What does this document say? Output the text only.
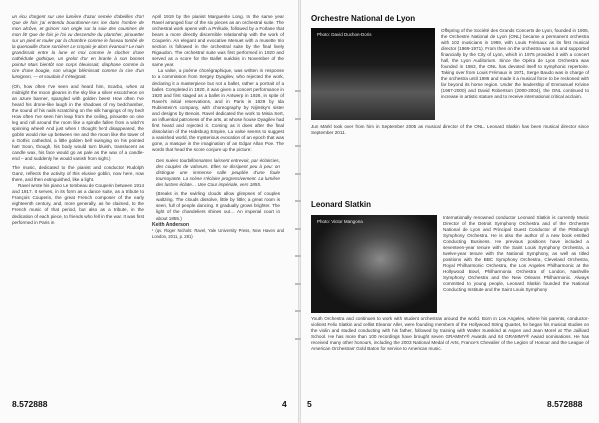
un écu d'argent sur une lumière d'azur semée d'abeilles d'or! Que de fois j'ai entendu bourdonner-ses ine dans l'ombre de mon alcôve, et grincer son ongle sur la soie des courtines de mon lit! Que de fois je l'ai vu descendre du plancher, pirouetter sur un pied et rouler par la chambre comme le fuseau tombé de la quenouille d'une sorcière! Le croyais-je alors évanoui? Le nain grandissait entre la lune et moi comme le clocher d'une cathédrale gothique, un grelot d'or en branle à son bonnet pointu! Mais bientôt son corps bleuissait, diaphane comme la cire d'une bougie, son visage blémissait comme la cire d'un lumignon, — et soudain il s'éteignait.

(Oh, how often I've seen and heard him, Scarbo, when at midnight the moon gleams in the sky like a silver escutcheon on an azure banner, spangled with golden bees! How often I've heard his drone-like laugh in the shadows of my bedchamber, the sound of his nails scratching on the silk hangings of my bed! How often I've seen him leap from the ceiling, pirouette on one leg and roll around the room like a spindle fallen from a witch's spinning wheel! And just when I thought he'd disappeared, the goblin would rise up between me and the moon like the tower of a Gothic cathedral, a little golden bell swinging on his pointed hat! Soon, though, his body would turn bluish, translucent as candle wax, his face would go as pale as the wax of a candle-end – and suddenly he would vanish from sight.)

The music, dedicated to the pianist and conductor Rudolph Ganz, reflects the activity of this elusive goblin, now here, now there, and then extinguished, like a light.

Ravel wrote his piano Le tombeau de Couperin between 1914 and 1917. It serves, in its form as a dance suite, as a tribute to François Couperin, the great French composer of the early eighteenth century, and, more generally, as he claimed, to the French music of that period, but also as a tribute, in the dedication of each piece, to friends who fell in the war. It was first performed in Paris in

April 1919 by the pianist Marguerite Long. In the same year Ravel arranged four of the six pieces as an orchestral suite. The orchestral work opens with a Prélude, followed by a Forlane that bears a more directly discernible relationship with the work of Couperin. An elegant and evocative Menuet with a musette trio section is followed in the orchestral suite by the final lively Rigaudon. The orchestral suite was first performed in 1920 and served as a score for the Ballet suédois in November of the same year.

La valse, a poème chorégraphique, was written in response to a commission from Sergey Dyagilev, who rejected the work, declaring it a masterpiece but not a ballet, rather a portrait of a ballet. Completed in 1920, it was given a concert performance in 1920 and first staged as a ballet in Antwerp in 1926, in spite of Ravel's initial reservations, and in Paris in 1929 by Ida Rubinstein's company, with choreography by Nijinsky's sister and designs by Benois. Ravel dedicated the work to Misia Sert, an influential patroness of the arts, at whose house Dyagilev had first heard and rejected it. Coming as it does after the final dissolution of the Habsburg Empire, La valse seems to suggest a vanished world, the mysterious evocation of an epoch that was gone, a masque in the imagination of an Edgar Allan Poe. The words that head the score conjure up the picture:

Des nuées tourbillonnantes laissent entrevoir, par éclaircies, des couples de valseurs. Elles se dissipent peu à peu: on distingue une immense salle peuplée d'une foule tournoyante. La scène s'éclaire progressivement. La lumière des lustres éclate… Une Cour impériale, vers 1855.

(Breaks in the swirling clouds allow glimpses of couples waltzing. The clouds dissolve, little by little; a great room is seen, full of people dancing. It gradually grows brighter. The light of the chandeliers shines out… An imperial court in about 1855.)

Keith Anderson

¹ (qv. Roger Nichols: Ravel, Yale University Press, New Haven and London, 2011, p. 281)

8.572888	4
Orchestre National de Lyon
Photo: David Duchon-Doris
Offspring of the Société des Grands Concerts de Lyon, founded in 1905, the Orchestre National de Lyon (ONL) became a permanent orchestra with 102 musicians in 1969, with Louis Frémaux as its first musical director (1969-1971). From then on the orchestra was run and supported financially by the City of Lyon, which in 1975 provided it with a concert hall, the Lyon Auditorium. Since the Opéra de Lyon Orchestra was founded in 1983, the ONL has devoted itself to symphonic repertoire. Taking over from Louis Frémaux in 1971, Serge Baudo was in charge of the orchestra until 1986 and made it a musical force to be reckoned with far beyond its home region. Under the leadership of Emmanuel Krivine (1987-2000) and David Robertson (2000-2004), the ONL continued to increase in artistic stature and to receive international critical acclaim.
Jun Märkl took over from him in September 2005 as musical director of the ONL. Leonard Slatkin has been musical director since September 2011.
Leonard Slatkin
Photo: Victor Mangona
Internationally renowned conductor Leonard Slatkin is currently Music Director of the Detroit Symphony Orchestra and of the Orchestre National de Lyon and Principal Guest Conductor of the Pittsburgh Symphony Orchestra. He is also the author of a new book entitled Conducting Business. He previous positions have included a seventeen-year tenure with the Saint Louis Symphony Orchestra, a twelve-year tenure with the National Symphony, as well as titled positions with the BBC Symphony Orchestra, Cleveland Orchestra, Royal Philharmonic Orchestra, the Los Angeles Philharmonic at the Hollywood Bowl, Philharmonia Orchestra of London, Nashville Symphony Orchestra and the New Orleans Philharmonic. Always committed to young people, Leonard Slatkin founded the National Conducting Institute and the Saint Louis Symphony
Youth Orchestra and continues to work with student orchestras around the world. Born in Los Angeles, where his parents, conductor-violinist Felix Slatkin and cellist Eleanor Aller, were founding members of the Hollywood String Quartet, he began his musical studies on the violin and studied conducting with his father, followed by training with Walter Susskind at Aspen and Jean Morel at The Juilliard School. He has more than 100 recordings have brought seven GRAMMY® Awards and 64 GRAMMY® Award nominations. He has received many other honours, including the 2003 National Medal of Arts, France's Chevalier of the Legion of Honour and the League of American Orchestras' Gold Baton for service to American music.
5	8.572888
